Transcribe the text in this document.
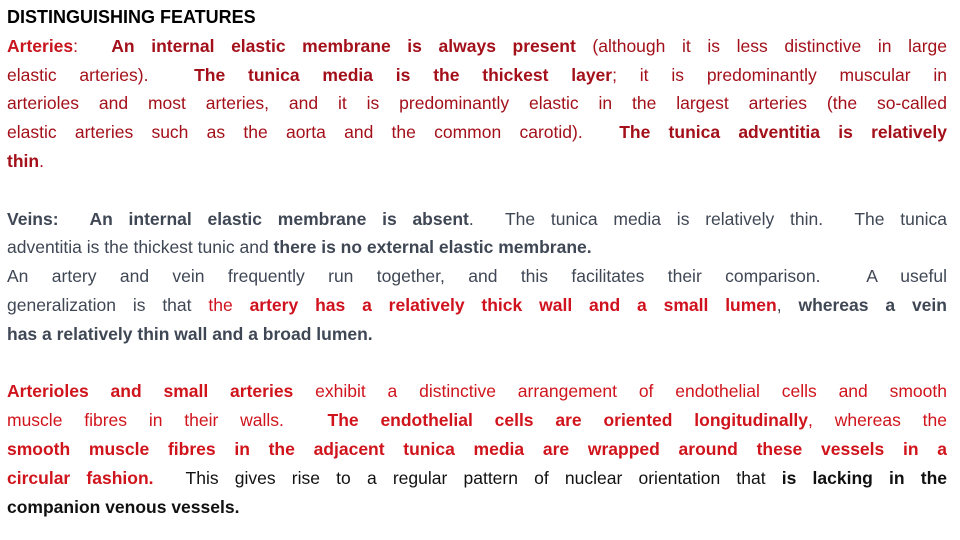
DISTINGUISHING FEATURES
Arteries:  An internal elastic membrane is always present (although it is less distinctive in large
elastic arteries).  The tunica media is the thickest layer; it is predominantly muscular in
arterioles and most arteries, and it is predominantly elastic in the largest arteries (the so-called
elastic arteries such as the aorta and the common carotid).  The tunica adventitia is relatively
thin.
Veins:  An internal elastic membrane is absent.  The tunica media is relatively thin.  The tunica
adventitia is the thickest tunic and there is no external elastic membrane.
An artery and vein frequently run together, and this facilitates their comparison.  A useful
generalization is that the artery has a relatively thick wall and a small lumen, whereas a vein
has a relatively thin wall and a broad lumen.
Arterioles and small arteries exhibit a distinctive arrangement of endothelial cells and smooth
muscle fibres in their walls.  The endothelial cells are oriented longitudinally, whereas the
smooth muscle fibres in the adjacent tunica media are wrapped around these vessels in a
circular fashion.  This gives rise to a regular pattern of nuclear orientation that is lacking in the
companion venous vessels.
